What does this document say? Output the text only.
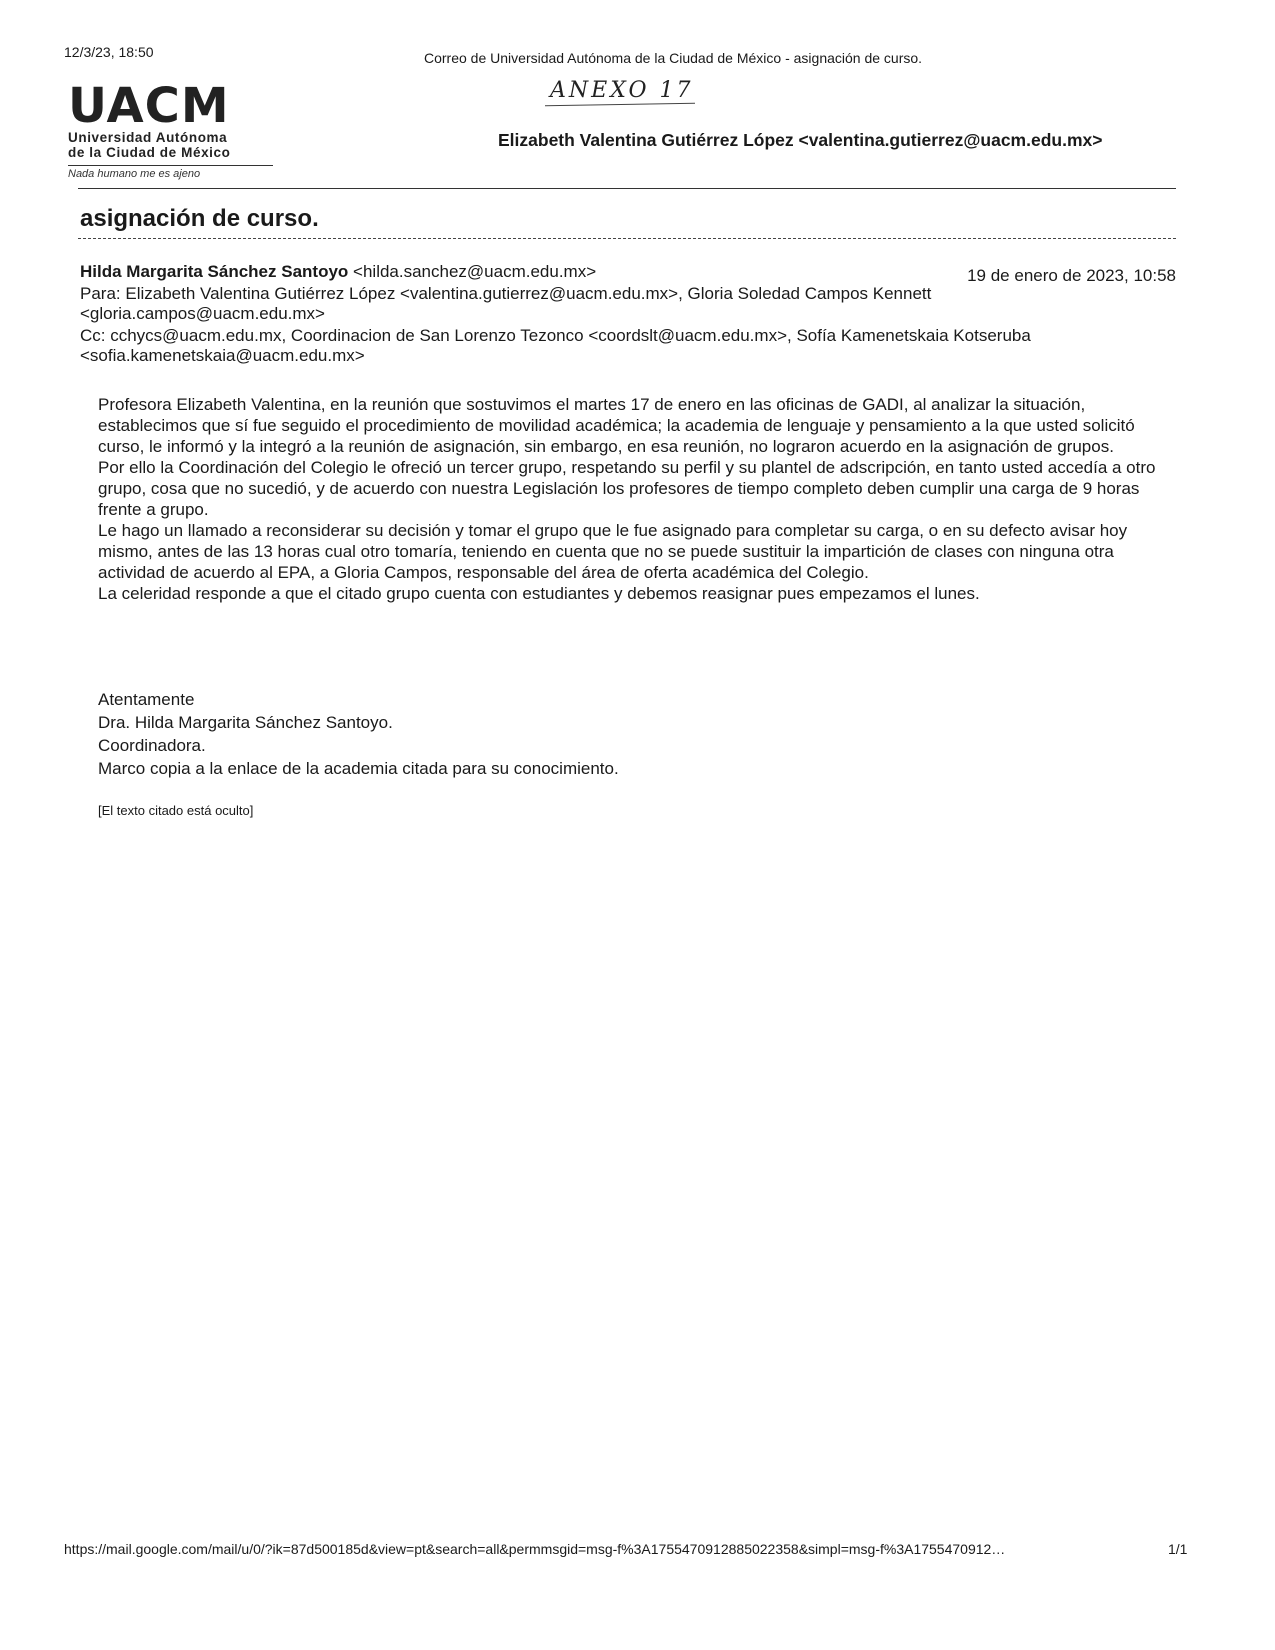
12/3/23, 18:50	Correo de Universidad Autónoma de la Ciudad de México - asignación de curso.
UACM
Universidad Autónoma
de la Ciudad de México
Nada humano me es ajeno
ANEXO 17
Elizabeth Valentina Gutiérrez López <valentina.gutierrez@uacm.edu.mx>
asignación de curso.
Hilda Margarita Sánchez Santoyo <hilda.sanchez@uacm.edu.mx>	19 de enero de 2023, 10:58
Para: Elizabeth Valentina Gutiérrez López <valentina.gutierrez@uacm.edu.mx>, Gloria Soledad Campos Kennett <gloria.campos@uacm.edu.mx>
Cc: cchycs@uacm.edu.mx, Coordinacion de San Lorenzo Tezonco <coordslt@uacm.edu.mx>, Sofía Kamenetskaia Kotseruba <sofia.kamenetskaia@uacm.edu.mx>

Profesora Elizabeth Valentina, en la reunión que sostuvimos el martes 17 de enero en las oficinas de GADI, al analizar la situación, establecimos que sí fue seguido el procedimiento de movilidad académica; la academia de lenguaje y pensamiento a la que usted solicitó curso, le informó y la integró a la reunión de asignación, sin embargo, en esa reunión, no lograron acuerdo en la asignación de grupos.

Por ello la Coordinación del Colegio le ofreció un tercer grupo, respetando su perfil y su plantel de adscripción, en tanto usted accedía a otro grupo, cosa que no sucedió, y de acuerdo con nuestra Legislación los profesores de tiempo completo deben cumplir una carga de 9 horas frente a grupo.

Le hago un llamado a reconsiderar su decisión y tomar el grupo que le fue asignado para completar su carga, o en su defecto avisar hoy mismo, antes de las 13 horas cual otro tomaría, teniendo en cuenta que no se puede sustituir la impartición de clases con ninguna otra actividad de acuerdo al EPA, a Gloria Campos, responsable del área de oferta académica del Colegio.

La celeridad responde a que el citado grupo cuenta con estudiantes y debemos reasignar pues empezamos el lunes.

Atentamente
Dra. Hilda Margarita Sánchez Santoyo.
Coordinadora.
Marco copia a la enlace de la academia citada para su conocimiento.
[El texto citado está oculto]
https://mail.google.com/mail/u/0/?ik=87d500185d&view=pt&search=all&permmsgid=msg-f%3A1755470912885022358&simpl=msg-f%3A1755470912…	1/1
